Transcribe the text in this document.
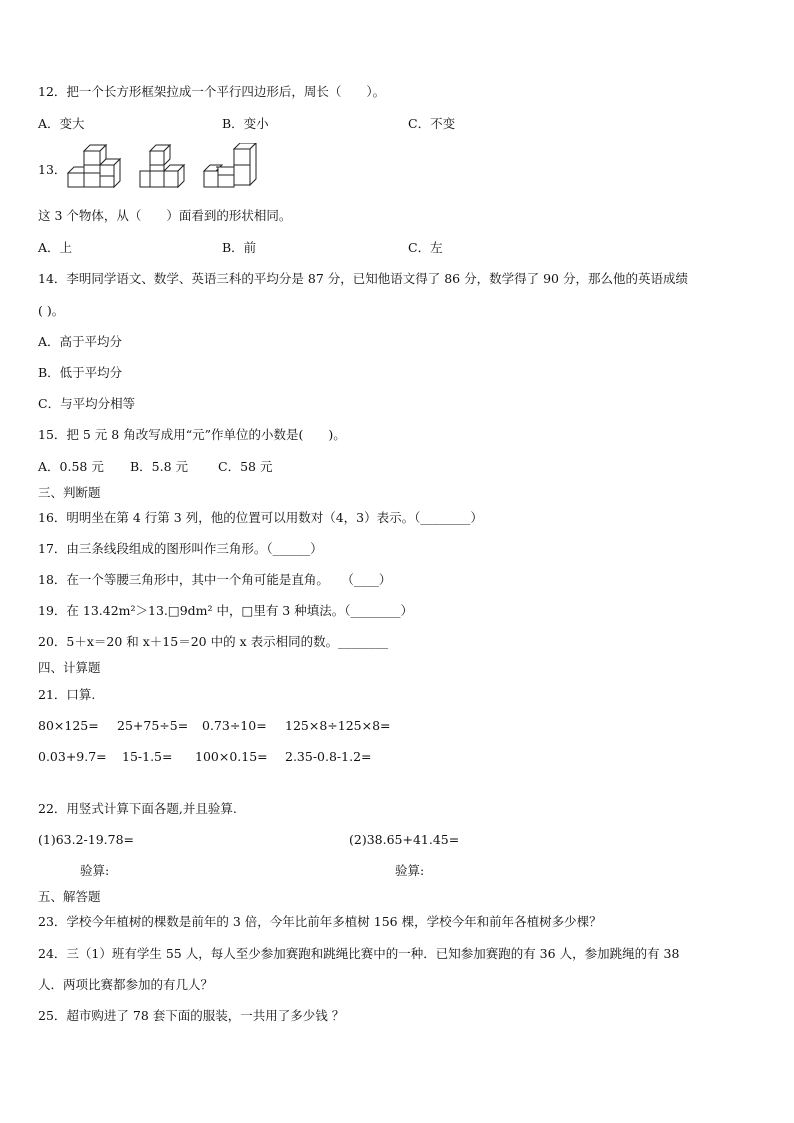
12．把一个长方形框架拉成一个平行四边形后，周长（　　）。
A．变大	B．变小	C．不变
13．
这 3 个物体，从（　　）面看到的形状相同。
A．上	B．前	C．左
14．李明同学语文、数学、英语三科的平均分是 87 分，已知他语文得了 86 分，数学得了 90 分，那么他的英语成绩
( )。
A．高于平均分
B．低于平均分
C．与平均分相等
15．把 5 元 8 角改写成用“元”作单位的小数是(　　)。
A．0.58 元 B．5.8 元 C．58 元
三、判断题
16．明明坐在第 4 行第 3 列，他的位置可以用数对（4，3）表示。（________）
17．由三条线段组成的图形叫作三角形。（______）
18．在一个等腰三角形中，其中一个角可能是直角。　　（____）
19．在 13.42m²＞13.□9dm² 中，□里有 3 种填法。（________）
20．5＋x＝20 和 x＋15＝20 中的 x 表示相同的数。________
四、计算题
21．口算.
80×125= 25+75÷5= 0.73÷10= 125×8÷125×8=
0.03+9.7= 15-1.5= 100×0.15= 2.35-0.8-1.2=
22．用竖式计算下面各题,并且验算.
(1)63.2-19.78=	(2)38.65+41.45=
验算:	验算:
五、解答题
23．学校今年植树的棵数是前年的 3 倍，今年比前年多植树 156 棵，学校今年和前年各植树多少棵？
24．三（1）班有学生 55 人，每人至少参加赛跑和跳绳比赛中的一种．已知参加赛跑的有 36 人，参加跳绳的有 38
人．两项比赛都参加的有几人？
25．超市购进了 78 套下面的服装，一共用了多少钱 ？
